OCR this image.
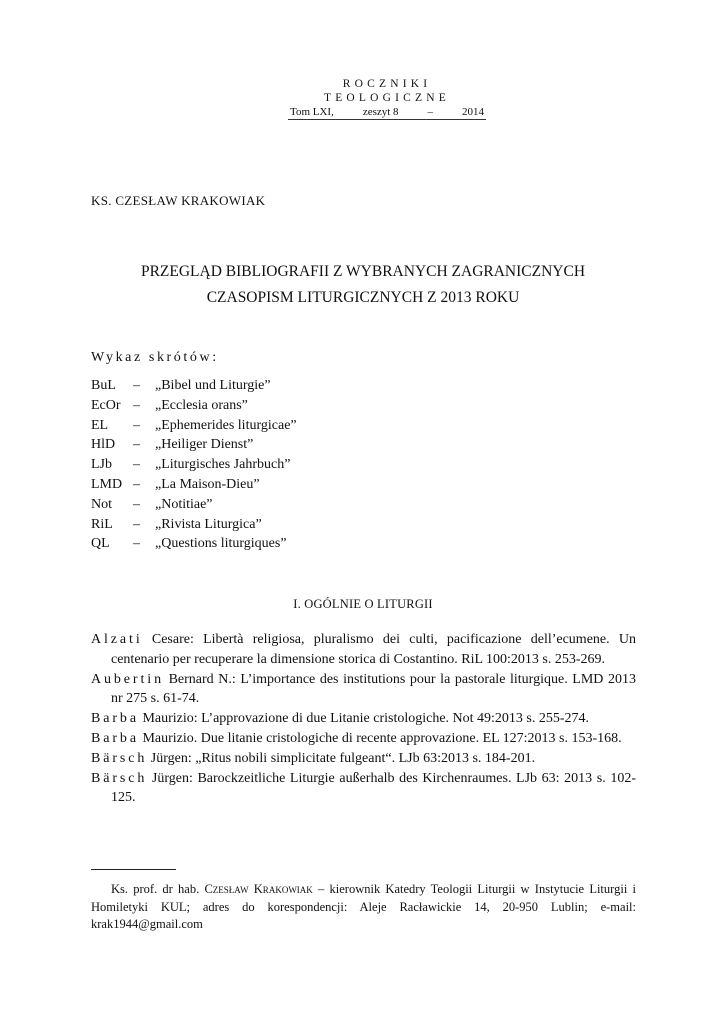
ROCZNIKI TEOLOGICZNE
Tom LXI,	zeszyt 8	–	2014
KS. CZESŁAW KRAKOWIAK
PRZEGLĄD BIBLIOGRAFII Z WYBRANYCH ZAGRANICZNYCH
CZASOPISM LITURGICZNYCH Z 2013 ROKU
Wykaz skrótów:
BuL	–	„Bibel und Liturgie”
EcOr –	„Ecclesia orans”
EL	–	„Ephemerides liturgicae”
HlD	–	„Heiliger Dienst”
LJb	–	„Liturgisches Jahrbuch”
LMD –	„La Maison-Dieu”
Not	–	„Notitiae”
RiL	–	„Rivista Liturgica”
QL	–	„Questions liturgiques”
I. OGÓLNIE O LITURGII
Alzati Cesare: Libertà religiosa, pluralismo dei culti, pacificazione dell’ecumene. Un centenario per recuperare la dimensione storica di Costantino. RiL 100:2013 s. 253-269.
Aubertin Bernard N.: L’importance des institutions pour la pastorale liturgique. LMD 2013 nr 275 s. 61-74.
Barba Maurizio: L’approvazione di due Litanie cristologiche. Not 49:2013 s. 255-274.
Barba Maurizio. Due litanie cristologiche di recente approvazione. EL 127:2013 s. 153-168.
Bärsch Jürgen: „Ritus nobili simplicitate fulgeant“. LJb 63:2013 s. 184-201.
Bärsch Jürgen: Barockzeitliche Liturgie außerhalb des Kirchenraumes. LJb 63: 2013 s. 102-125.
Ks. prof. dr hab. Czesław Krakowiak – kierownik Katedry Teologii Liturgii w Instytucie Liturgii i Homiletyki KUL; adres do korespondencji: Aleje Racławickie 14, 20-950 Lublin; e-mail: krak1944@gmail.com
